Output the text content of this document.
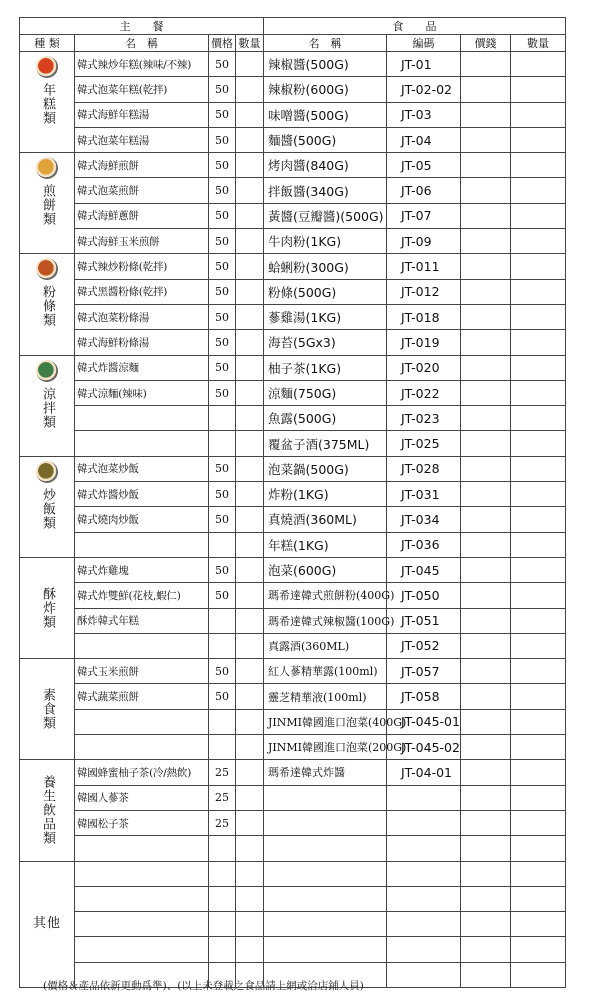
主　　餐				食　　品			
種 類	名　稱	價格	數量	名　稱	編碼	價錢	數量

年糕類	韓式辣炒年糕(辣味/不辣)	50		辣椒醬(500G)	JT-01		
	韓式泡菜年糕(乾拌)	50		辣椒粉(600G)	JT-02-02		
	韓式海鮮年糕湯	50		味噌醬(500G)	JT-03		
	韓式泡菜年糕湯	50		麵醬(500G)	JT-04		

煎餅類	韓式海鮮煎餅	50		烤肉醬(840G)	JT-05		
	韓式泡菜煎餅	50		拌飯醬(340G)	JT-06		
	韓式海鮮蔥餅	50		黃醬(豆瓣醬)(500G)	JT-07		
	韓式海鮮玉米煎餅	50		牛肉粉(1KG)	JT-09		

粉條類	韓式辣炒粉條(乾拌)	50		蛤蜊粉(300G)	JT-011		
	韓式黑醬粉條(乾拌)	50		粉條(500G)	JT-012		
	韓式泡菜粉條湯	50		蔘雞湯(1KG)	JT-018		
	韓式海鮮粉條湯	50		海苔(5Gx3)	JT-019		

涼拌類	韓式炸醬涼麵	50		柚子茶(1KG)	JT-020		
	韓式涼麵(辣味)	50		涼麵(750G)	JT-022		
				魚露(500G)	JT-023		
				覆盆子酒(375ML)	JT-025		

炒飯類	韓式泡菜炒飯	50		泡菜鍋(500G)	JT-028		
	韓式炸醬炒飯	50		炸粉(1KG)	JT-031		
	韓式燒肉炒飯	50		真燒酒(360ML)	JT-034		
				年糕(1KG)	JT-036		

酥炸類	韓式炸雞塊	50		泡菜(600G)	JT-045		
	韓式炸雙鮮(花枝,蝦仁)	50		瑪希達韓式煎餅粉(400G)	JT-050		
	酥炸韓式年糕			瑪希達韓式辣椒醬(100G)	JT-051		
				真露酒(360ML)	JT-052		

素食類	韓式玉米煎餅	50		紅人蔘精華露(100ml)	JT-057		
	韓式蔬菜煎餅	50		靈芝精華液(100ml)	JT-058		
				JINMI韓國進口泡菜(400G)	JT-045-01		
				JINMI韓國進口泡菜(200G)	JT-045-02		

養生飲品類	韓國蜂蜜柚子茶(冷/熱飲)	25		瑪希達韓式炸醬	JT-04-01		
	韓國人蔘茶	25					
	韓國松子茶	25					

其他							

(價格＆產品依新更動爲準)、(以上未登載之食品請上網或洽店鋪人員)
